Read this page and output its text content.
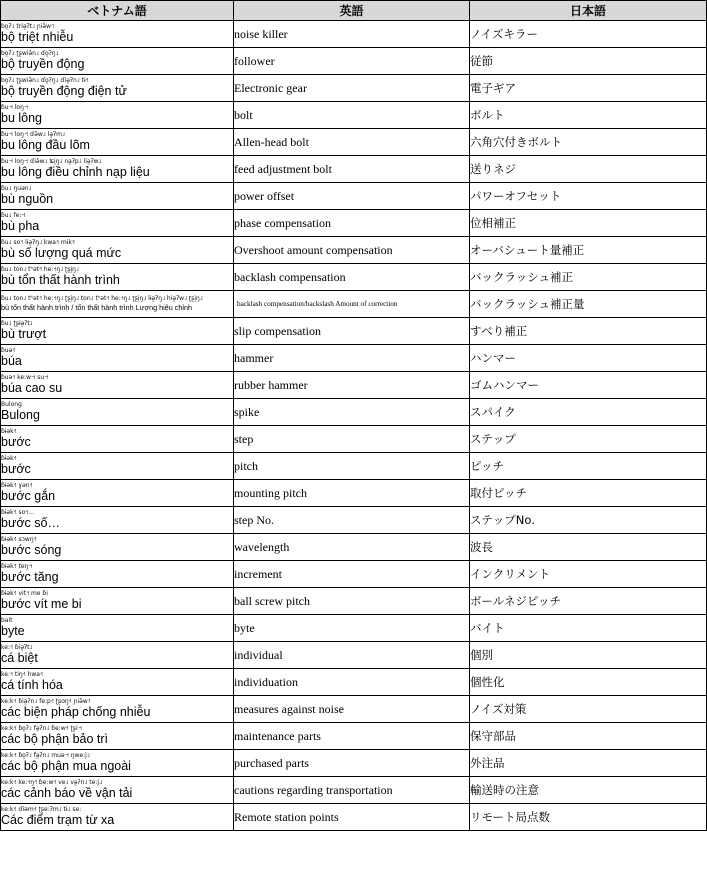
ベトナム語	英語	日本語

bo̰ʔ˨˩ triə̰ʔt˨˩ ɲiə̌w˦˥
bộ triệt nhiễu	noise killer	ノイズキラー

bo̰ʔ˨˩ ʈʂwiə̌n˨˩ ɗo̰ʔŋ˨˩
bộ truyền động	follower	従節

bo̰ʔ˨˩ ʈʂwiə̌n˨˩ ɗo̰ʔŋ˨˩ ɗiə̰ʔn˨˩ tɨ˧˥
bộ truyền động điện tử	Electronic gear	電子ギア

ɓu˧˧ loŋ˧˧
bu lông	bolt	ボルト

ɓu˧˧ loŋ˧˧ ɗə̌w˨˩ lə̰ʔm˨˩
bu lông đầu lõm	Allen-head bolt	六角穴付きボルト

ɓu˧˧ loŋ˧˧ ɗiə̌w˨˩ ʨḭŋ˨˩ na̰ʔp˨˩ liə̰ʔw˨˩
bu lông điều chỉnh nạp liệu	feed adjustment bolt	送りネジ

ɓu˨˩ ŋuən˨˩
bù nguồn	power offset	パワーオフセット

ɓu˨˩ fe:˧˧
bù pha	phase compensation	位相補正

ɓu˨˩ so˧˥ lɨə̰ʔŋ˨˩ kwa˧˥ mɨk˧˥
bù số lượng quá mức	Overshoot amount compensation	オーバシュート量補正

ɓu˨˩ ton˨˩ tʰət˧˥ he:˧ŋ˨˩ ʈʂḭŋ˨˩
bù tổn thất hành trình	backlash compensation	バックラッシュ補正

ɓu˨˩ ton˨˩ tʰət˧˥ he:˧ŋ˨˩ ʈʂḭŋ˨˩ ton˨˩ tʰət˧˥ he:˧ŋ˨˩ ʈʂḭŋ˨˩ lɨə̰ʔŋ˨˩ hiə̰ʔw˨˩ ʈʂḭŋ˨˩
bù tổn thất hành trình / tổn thất hành trình Lượng hiệu chỉnh	backlash compensation/backslash Amount of correction	バックラッシュ補正量

ɓu˨˩ ʈʂɨə̰ʔt˨˩
bù trượt	slip compensation	すべり補正

ɓuə˧˥
búa	hammer	ハンマー

ɓuə˧˥ ke:w˧˧ su˧˧
búa cao su	rubber hammer	ゴムハンマー

Bulong
Bulong	spike	スパイク

ɓɨək˧˥
bước	step	ステップ

ɓɨək˧˥
bước	pitch	ピッチ

ɓɨək˧˥ ɣən˧˥
bước gắn	mounting pitch	取付ピッチ

ɓɨək˧˥ so˧˥...
bước số…	step No.	ステップNo.

ɓɨək˧˥ sɔwŋ˧˥
bước sóng	wavelength	波長

ɓɨək˧˥ teŋ˧˧
bước tăng	increment	インクリメント

ɓɨək˧˥ vit˧˥ me ɓi
bước vít me bi	ball screw pitch	ボールネジピッチ

bait
byte	byte	バイト

ke:˧˥ ɓiə̰ʔt˨˩
cá biệt	individual	個別

ke:˧˥ tiŋ˧˥ hwa˧˥
cá tính hóa	individuation	個性化

ke:k˧˥ ɓiə̰ʔn˨˩ fe:p˧˥ ʈʂoŋ˧˥ ɲiə̌w˦˥
các biện pháp chống nhiễu	measures against noise	ノイズ対策

ke:k˧˥ ɓo̰ʔ˨˩ fə̰ʔn˨˩ ɓe:w˧˥ ʈʂi˧˧
các bộ phận bảo trì	maintenance parts	保守部品

ke:k˧˥ ɓo̰ʔ˨˩ fə̰ʔn˨˩ muə˧˧ ŋwe:j˨˩
các bộ phận mua ngoài	purchased parts	外注品

ke:k˧˥ ke:˧ŋ˧˥ ɓe:w˧˥ ve˨˩ və̰ʔn˨˩ te:j˨˩
các cảnh báo về vận tải	cautions regarding transportation	輸送時の注意

ke:k˧˥ ɗiəm˧˥ ʈʂe:ʔm˨˩ tɨ˨˩ se:
Các điểm trạm từ xa	Remote station points	リモート局点数
